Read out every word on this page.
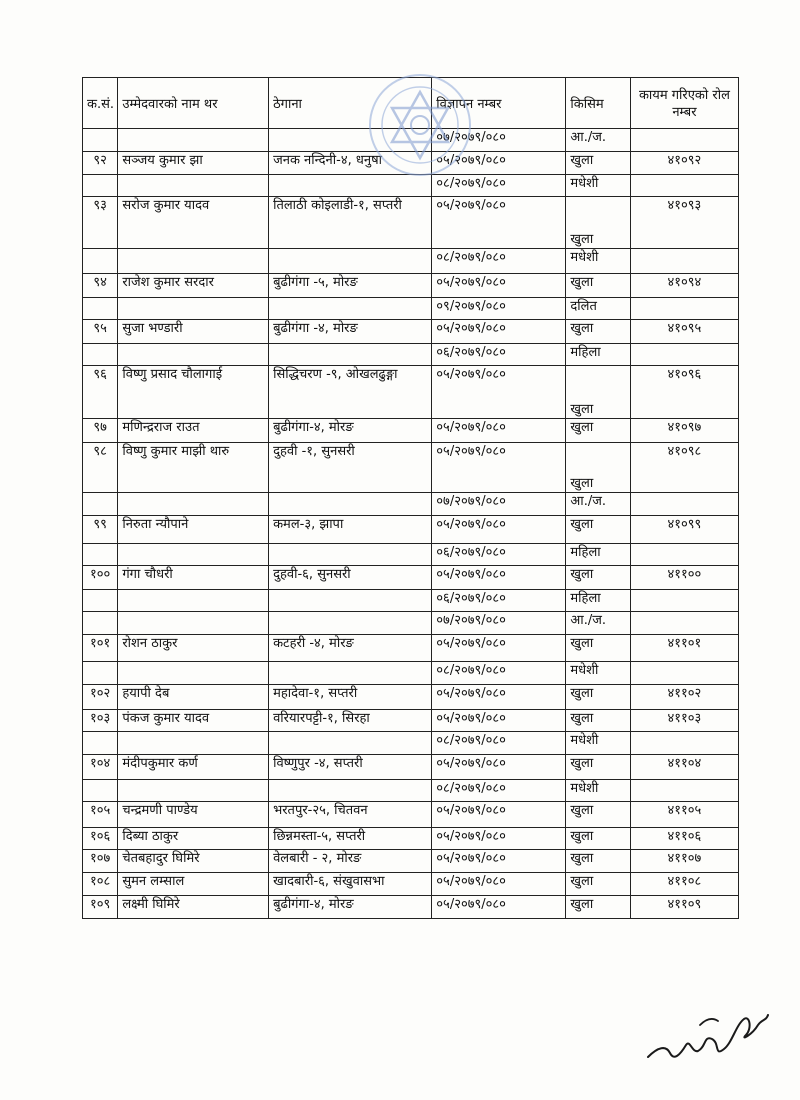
क.सं.	उम्मेदवारको नाम थर	ठेगाना	विज्ञापन नम्बर	किसिम	कायम गरिएको रोल नम्बर
			०७/२०७९/०८०	आ./ज.	
९२	सञ्जय कुमार झा	जनक नन्दिनी-४, धनुषा	०५/२०७९/०८०	खुला	४१०९२
			०८/२०७९/०८०	मधेशी	
९३	सरोज कुमार यादव	तिलाठी कोइलाडी-१, सप्तरी	०५/२०७९/०८०	खुला	४१०९३
			०८/२०७९/०८०	मधेशी	
९४	राजेश कुमार सरदार	बुढीगंगा -५, मोरङ	०५/२०७९/०८०	खुला	४१०९४
			०९/२०७९/०८०	दलित	
९५	सुजा भण्डारी	बुढीगंगा -४, मोरङ	०५/२०७९/०८०	खुला	४१०९५
			०६/२०७९/०८०	महिला	
९६	विष्णु प्रसाद चौलागाई	सिद्धिचरण -९, ओखलढुङ्गा	०५/२०७९/०८०	खुला	४१०९६
९७	मणिन्द्रराज राउत	बुढीगंगा-४, मोरङ	०५/२०७९/०८०	खुला	४१०९७
९८	विष्णु कुमार माझी थारु	दुहवी -१, सुनसरी	०५/२०७९/०८०	खुला	४१०९८
			०७/२०७९/०८०	आ./ज.	
९९	निरुता न्यौपाने	कमल-३, झापा	०५/२०७९/०८०	खुला	४१०९९
			०६/२०७९/०८०	महिला	
१००	गंगा चौधरी	दुहवी-६, सुनसरी	०५/२०७९/०८०	खुला	४११००
			०६/२०७९/०८०	महिला	
			०७/२०७९/०८०	आ./ज.	
१०१	रोशन ठाकुर	कटहरी -४, मोरङ	०५/२०७९/०८०	खुला	४११०१
			०८/२०७९/०८०	मधेशी	
१०२	हयापी देब	महादेवा-१, सप्तरी	०५/२०७९/०८०	खुला	४११०२
१०३	पंकज कुमार यादव	वरियारपट्टी-१, सिरहा	०५/२०७९/०८०	खुला	४११०३
			०८/२०७९/०८०	मधेशी	
१०४	मंदीपकुमार कर्ण	विष्णुपुर -४, सप्तरी	०५/२०७९/०८०	खुला	४११०४
			०८/२०७९/०८०	मधेशी	
१०५	चन्द्रमणी पाण्डेय	भरतपुर-२५, चितवन	०५/२०७९/०८०	खुला	४११०५
१०६	दिब्या ठाकुर	छिन्नमस्ता-५, सप्तरी	०५/२०७९/०८०	खुला	४११०६
१०७	चेतबहादुर घिमिरे	वेलबारी - २, मोरङ	०५/२०७९/०८०	खुला	४११०७
१०८	सुमन लम्साल	खादबारी-६, संखुवासभा	०५/२०७९/०८०	खुला	४११०८
१०९	लक्ष्मी घिमिरे	बुढीगंगा-४, मोरङ	०५/२०७९/०८०	खुला	४११०९
